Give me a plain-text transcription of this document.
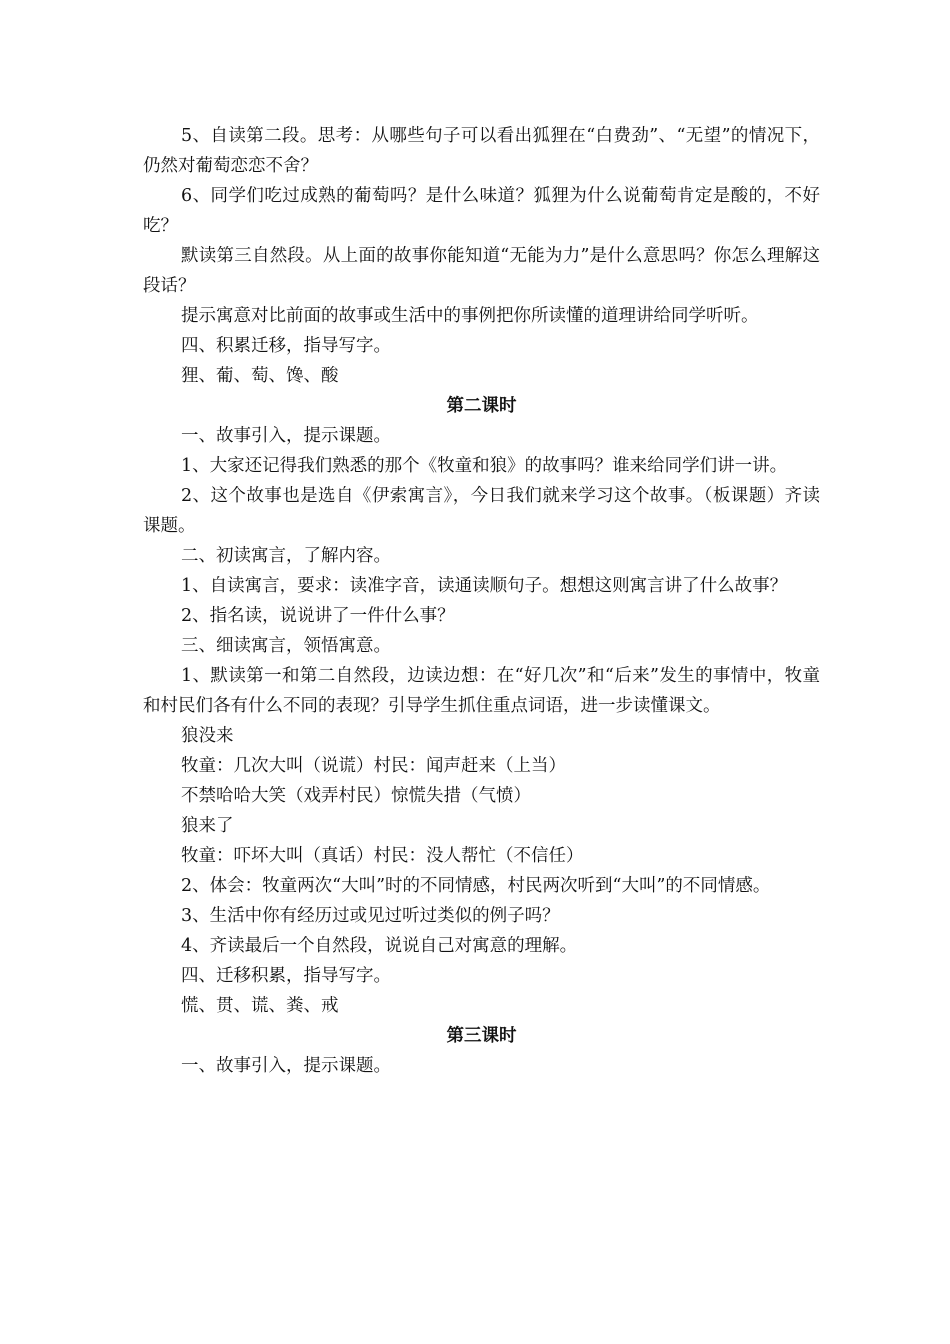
5、自读第二段。思考：从哪些句子可以看出狐狸在“白费劲”、“无望”的情况下，仍然对葡萄恋恋不舍？

6、同学们吃过成熟的葡萄吗？是什么味道？狐狸为什么说葡萄肯定是酸的，不好吃？

默读第三自然段。从上面的故事你能知道“无能为力”是什么意思吗？你怎么理解这段话？

提示寓意对比前面的故事或生活中的事例把你所读懂的道理讲给同学听听。

四、积累迁移，指导写字。

狸、葡、萄、馋、酸

第二课时

一、故事引入，提示课题。

1、大家还记得我们熟悉的那个《牧童和狼》的故事吗？谁来给同学们讲一讲。

2、这个故事也是选自《伊索寓言》，今日我们就来学习这个故事。（板课题）齐读课题。

二、初读寓言，了解内容。

1、自读寓言，要求：读准字音，读通读顺句子。想想这则寓言讲了什么故事？

2、指名读，说说讲了一件什么事？

三、细读寓言，领悟寓意。

1、默读第一和第二自然段，边读边想：在“好几次”和“后来”发生的事情中，牧童和村民们各有什么不同的表现？引导学生抓住重点词语，进一步读懂课文。

狼没来

牧童：几次大叫（说谎）村民：闻声赶来（上当）

不禁哈哈大笑（戏弄村民）惊慌失措（气愤）

狼来了

牧童：吓坏大叫（真话）村民：没人帮忙（不信任）

2、体会：牧童两次“大叫”时的不同情感，村民两次听到“大叫”的不同情感。

3、生活中你有经历过或见过听过类似的例子吗？

4、齐读最后一个自然段，说说自己对寓意的理解。

四、迁移积累，指导写字。

慌、贯、谎、粪、戒

第三课时

一、故事引入，提示课题。
